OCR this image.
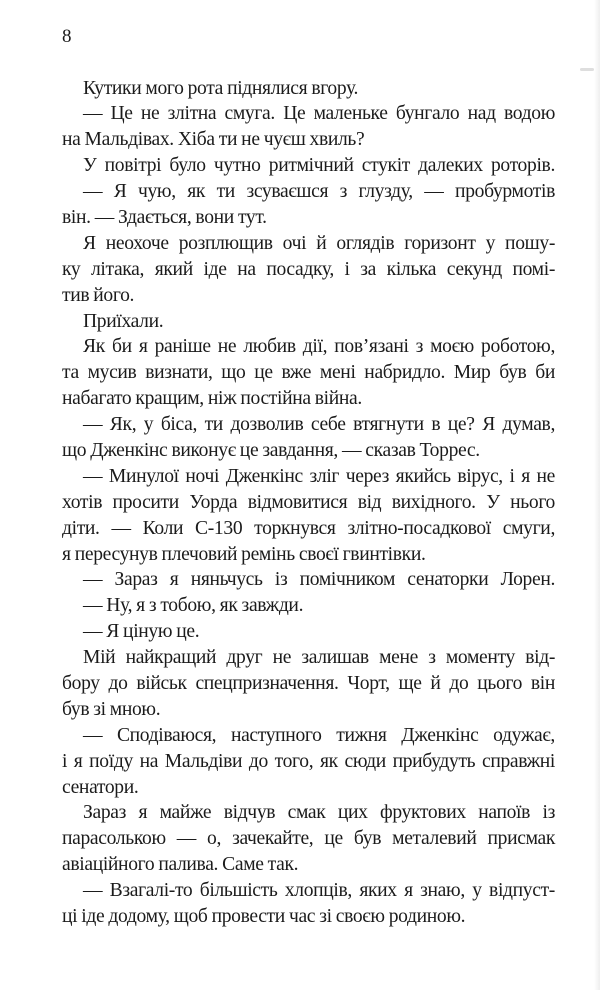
8
Кутики мого рота піднялися вгору.
— Це не злітна смуга. Це маленьке бунгало над водою
на Мальдівах. Хіба ти не чуєш хвиль?
У повітрі було чутно ритмічний стукіт далеких роторів.
— Я чую, як ти зсуваєшся з глузду, — пробурмотів
він. — Здається, вони тут.
Я неохоче розплющив очі й оглядів горизонт у пошу-
ку літака, який іде на посадку, і за кілька секунд помі-
тив його.
Приїхали.
Як би я раніше не любив дії, пов’язані з моєю роботою,
та мусив визнати, що це вже мені набридло. Мир був би
набагато кращим, ніж постійна війна.
— Як, у біса, ти дозволив себе втягнути в це? Я думав,
що Дженкінс виконує це завдання, — сказав Торрес.
— Минулої ночі Дженкінс зліг через якийсь вірус, і я не
хотів просити Уорда відмовитися від вихідного. У нього
діти. — Коли С-130 торкнувся злітно-посадкової смуги,
я пересунув плечовий ремінь своєї гвинтівки.
— Зараз я няньчусь із помічником сенаторки Лорен.
— Ну, я з тобою, як завжди.
— Я ціную це.
Мій найкращий друг не залишав мене з моменту від-
бору до військ спецпризначення. Чорт, ще й до цього він
був зі мною.
— Сподіваюся, наступного тижня Дженкінс одужає,
і я поїду на Мальдіви до того, як сюди прибудуть справжні
сенатори.
Зараз я майже відчув смак цих фруктових напоїв із
парасолькою — о, зачекайте, це був металевий присмак
авіаційного палива. Саме так.
— Взагалі-то більшість хлопців, яких я знаю, у відпуст-
ці іде додому, щоб провести час зі своєю родиною.
